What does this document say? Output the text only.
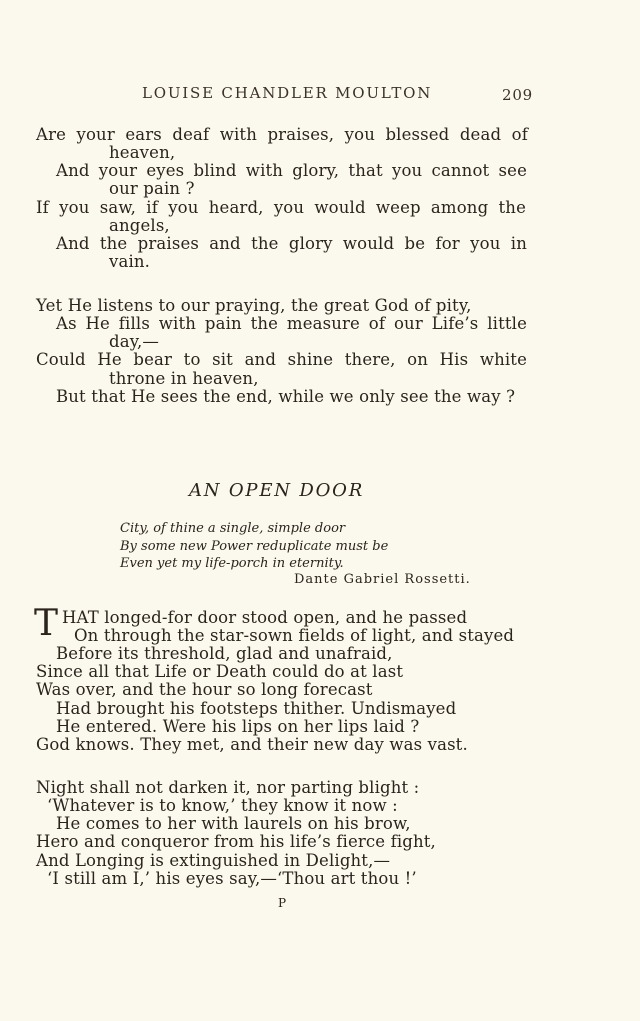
LOUISE CHANDLER MOULTON	209
Are your ears deaf with praises, you blessed dead of
heaven,
And your eyes blind with glory, that you cannot see
our pain ?
If you saw, if you heard, you would weep among the
angels,
And the praises and the glory would be for you in
vain.
Yet He listens to our praying, the great God of pity,
As He fills with pain the measure of our Life’s little
day,—
Could He bear to sit and shine there, on His white
throne in heaven,
But that He sees the end, while we only see the way ?
AN OPEN DOOR
City, of thine a single, simple door
By some new Power reduplicate must be
Even yet my life-porch in eternity.
Dante Gabriel Rossetti.
T HAT longed-for door stood open, and he passed
On through the star-sown fields of light, and stayed
Before its threshold, glad and unafraid,
Since all that Life or Death could do at last
Was over, and the hour so long forecast
Had brought his footsteps thither. Undismayed
He entered. Were his lips on her lips laid ?
God knows. They met, and their new day was vast.
Night shall not darken it, nor parting blight :
‘Whatever is to know,’ they know it now :
He comes to her with laurels on his brow,
Hero and conqueror from his life’s fierce fight,
And Longing is extinguished in Delight,—
‘I still am I,’ his eyes say,—‘Thou art thou !’
P
